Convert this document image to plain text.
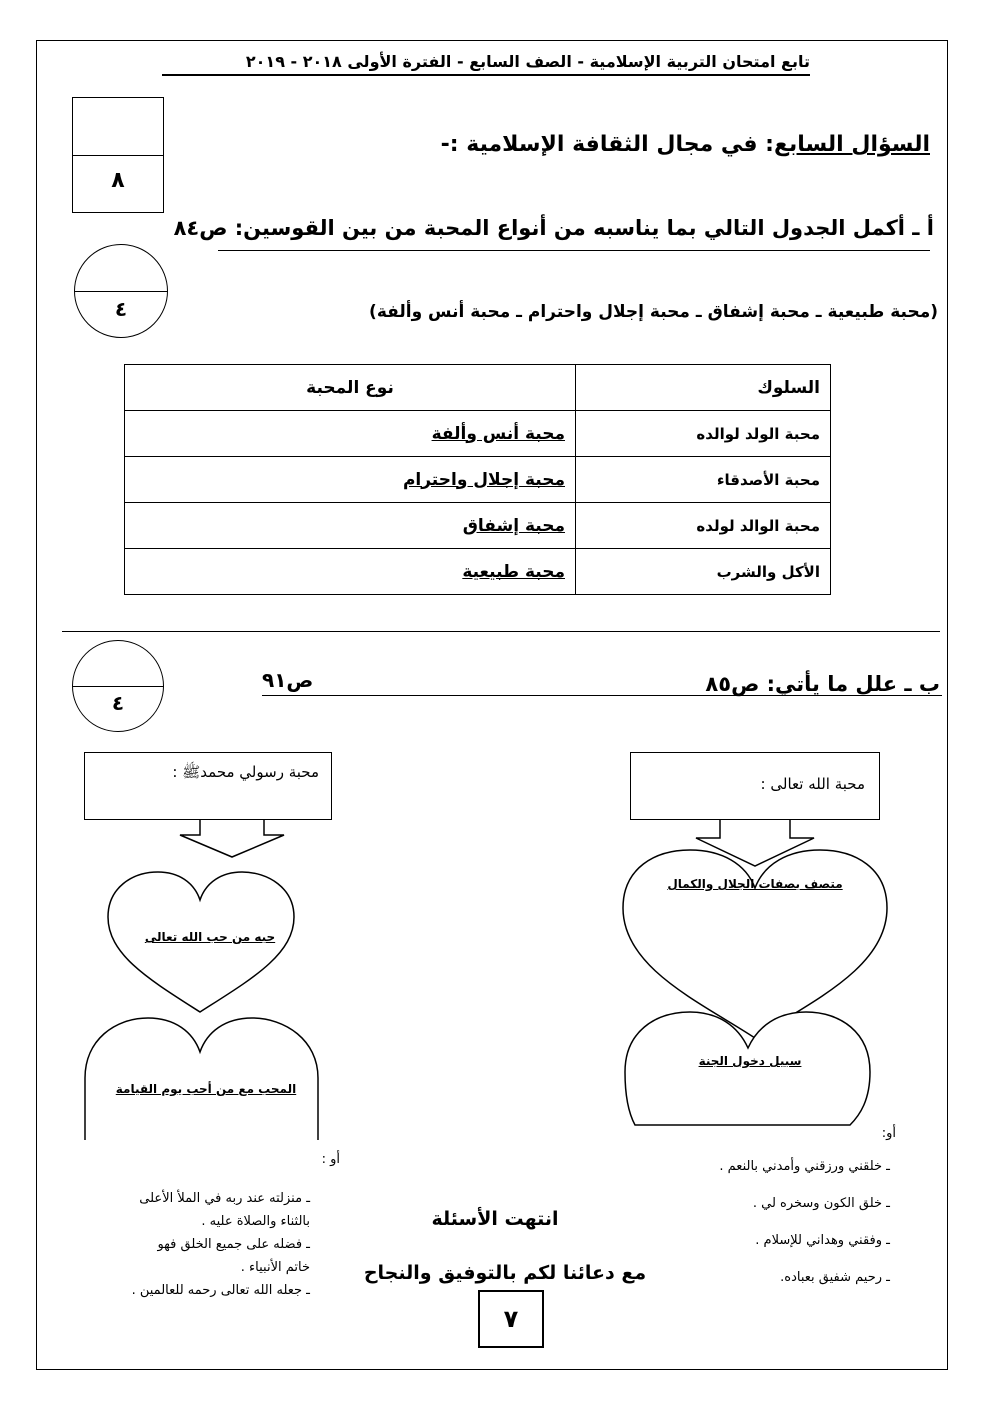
تابع امتحان التربية الإسلامية - الصف السابع - الفترة الأولى ٢٠١٨ - ٢٠١٩
٨
السؤال السابع: في مجال الثقافة الإسلامية :-
أ ـ أكمل الجدول التالي بما يناسبه من أنواع المحبة من بين القوسين: ص٨٤
٤	(محبة طبيعية ـ محبة إشفاق ـ محبة إجلال واحترام ـ محبة أنس وألفة)
السلوك	نوع المحبة
محبة الولد لوالده	محبة أنس وألفة
محبة الأصدقاء	محبة إجلال واحترام
محبة الوالد لولده	محبة إشفاق
الأكل والشرب	محبة طبيعية
٤
ب ـ علل ما يأتي: ص٨٥
ص٩١
محبة رسولي محمدﷺ :
محبة الله تعالى :
حبه من حب الله تعالى
المحب مع من أحب يوم القيامة
متصف بصفات الجلال والكمال
سبيل دخول الجنة
أو :
أو:
ـ منزلته عند ربه في الملأ الأعلى
بالثناء والصلاة عليه .
ـ فضله على جميع الخلق فهو
خاتم الأنبياء .
ـ جعله الله تعالى رحمه للعالمين .
ـ خلقني ورزقني وأمدني بالنعم .
ـ خلق الكون وسخره لي .
ـ وفقني وهداني للإسلام .
ـ رحيم شفيق بعباده.
انتهت الأسئلة
مع دعائنا لكم بالتوفيق والنجاح
٧
